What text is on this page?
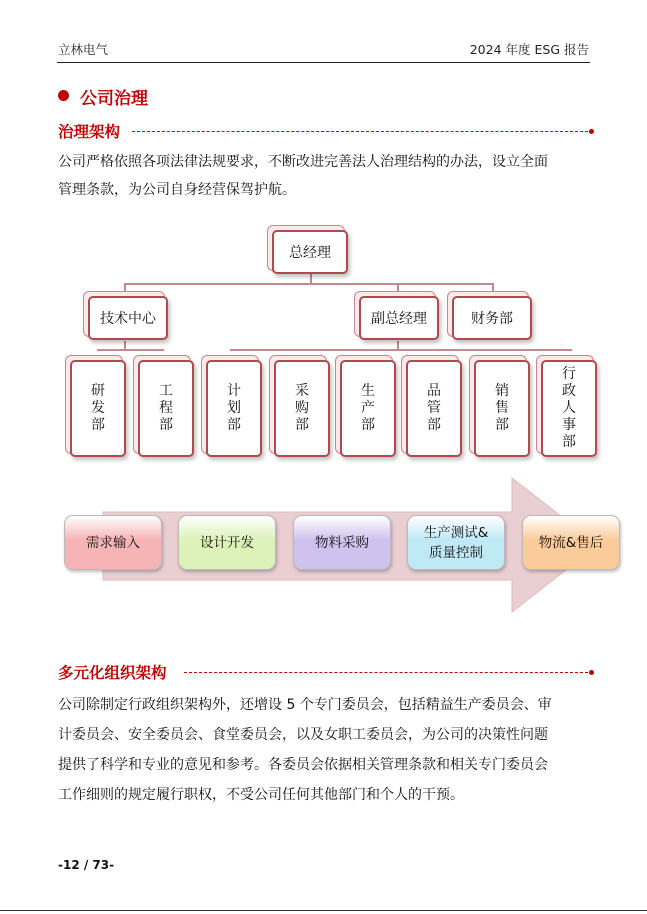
立林电气	2024 年度 ESG 报告
公司治理
治理架构

公司严格依照各项法律法规要求，不断改进完善法人治理结构的办法，设立全面

管理条款，为公司自身经营保驾护航。

总经理
技术中心	副总经理	财务部
研
发
部
工
程
部
计
划
部
采
购
部
生
产
部
品
管
部
销
售
部
行
政
人
事
部
需求输入	设计开发	物料采购
生产测试&
质量控制
物流&售后
多元化组织架构

公司除制定行政组织架构外，还增设 5 个专门委员会，包括精益生产委员会、审

计委员会、安全委员会、食堂委员会，以及女职工委员会，为公司的决策性问题

提供了科学和专业的意见和参考。各委员会依据相关管理条款和相关专门委员会

工作细则的规定履行职权，不受公司任何其他部门和个人的干预。

-12 / 73-
